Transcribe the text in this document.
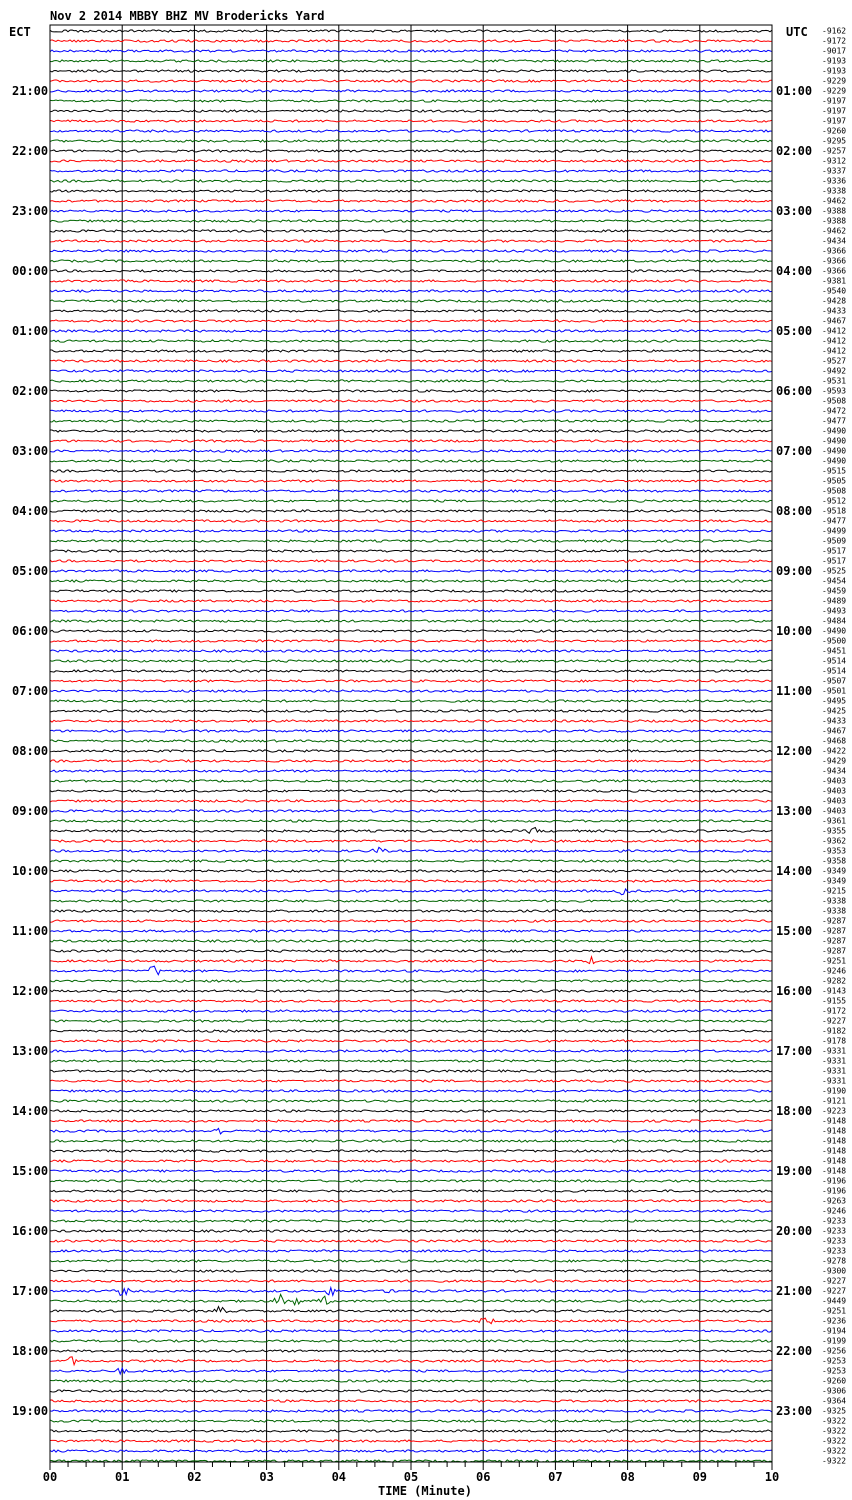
Nov 2 2014 MBBY BHZ MV Brodericks Yard
ECT	UTC -9162
-9172
-9017
-9193
-9193
-9229
-9229
-9197
-9197
-9197
-9260
-9295
-9257
-9312
-9337
-9336
-9338
-9462
-9388
-9388
-9462
-9434
-9366
-9366
-9366
-9381
-9540
-9428
-9433
-9467
-9412
-9412
-9412
-9527
-9492
-9531
-9593
-9508
-9472
-9477
-9490
-9490
-9490
-9490
-9515
-9505
-9508
-9512
-9518
-9477
-9499
-9509
-9517
-9517
-9525
-9454
-9459
-9489
-9493
-9484
-9490
-9500
-9451
-9514
-9514
-9507
-9501
-9495
-9425
-9433
-9467
-9468
-9422
-9429
-9434
-9403
-9403
-9403
-9403
-9361
-9355
-9362
-9353
-9358
-9349
-9349
-9215
-9338
-9338
-9287
-9287
-9287
-9287
-9251
-9246
-9282
-9143
-9155
-9172
-9227
-9182
-9178
-9331
-9331
-9331
-9331
-9190
-9121
-9223
-9148
-9148
-9148
-9148
-9148
-9148
-9196
-9196
-9263
-9246
-9233
-9233
-9233
-9233
-9278
-9300
-9227
-9227
-9449
-9251
-9236
-9194
-9199
-9256
-9253
-9253
-9260
-9306
-9364
-9325
-9322
-9322
-9322
-9322
-9322
21:00
22:00
23:00
00:00
01:00
02:00
03:00
04:00
05:00
06:00
07:00
08:00
09:00
10:00
11:00
12:00
13:00
14:00
15:00
16:00
17:00
18:00
19:00
01:00
02:00
03:00
04:00
05:00
06:00
07:00
08:00
09:00
10:00
11:00
12:00
13:00
14:00
15:00
16:00
17:00
18:00
19:00
20:00
21:00
22:00
23:00
00	01	02	03	04	05	06	07	08	09	10
TIME (Minute)
